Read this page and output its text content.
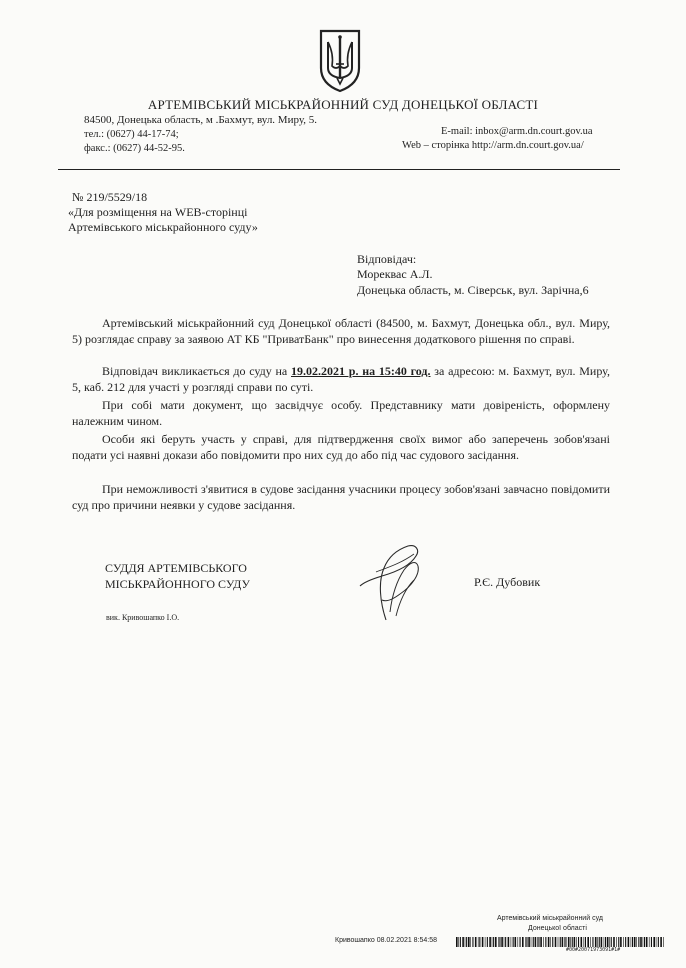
АРТЕМІВСЬКИЙ МІСЬКРАЙОННИЙ СУД ДОНЕЦЬКОЇ ОБЛАСТІ
84500, Донецька область, м .Бахмут, вул. Миру, 5.
тел.: (0627) 44-17-74;
факс.: (0627) 44-52-95.
E-mail: inbox@arm.dn.court.gov.ua
Web – сторінка http://arm.dn.court.gov.ua/
№ 219/5529/18
«Для розміщення на WEB-сторінці
Артемівського міськрайонного суду»
Відповідач:
Мореквас А.Л.
Донецька область, м. Сіверськ, вул. Зарічна,6
Артемівський міськрайонний суд Донецької області (84500, м. Бахмут, Донецька обл., вул. Миру, 5) розглядає справу за заявою АТ КБ "ПриватБанк" про винесення додаткового рішення по справі.
Відповідач викликається до суду на 19.02.2021 р. на 15:40 год. за адресою: м. Бахмут, вул. Миру, 5, каб. 212 для участі у розгляді справи по суті.
При собі мати документ, що засвідчує особу. Представнику мати довіреність, оформлену належним чином.
Особи які беруть участь у справі, для підтвердження своїх вимог або заперечень зобов'язані подати усі наявні докази або повідомити про них суд до або під час судового засідання.
При неможливості з'явитися в судове засідання учасники процесу зобов'язані завчасно повідомити суд про причини неявки у судове засідання.
СУДДЯ АРТЕМІВСЬКОГО
МІСЬКРАЙОННОГО СУДУ	Р.Є. Дубовик
вик. Кривошапко І.О.
Артемівський міськрайонний суд
Донецької області
Кривошапко 08.02.2021 8:54:58
#00#20071973091#1#
